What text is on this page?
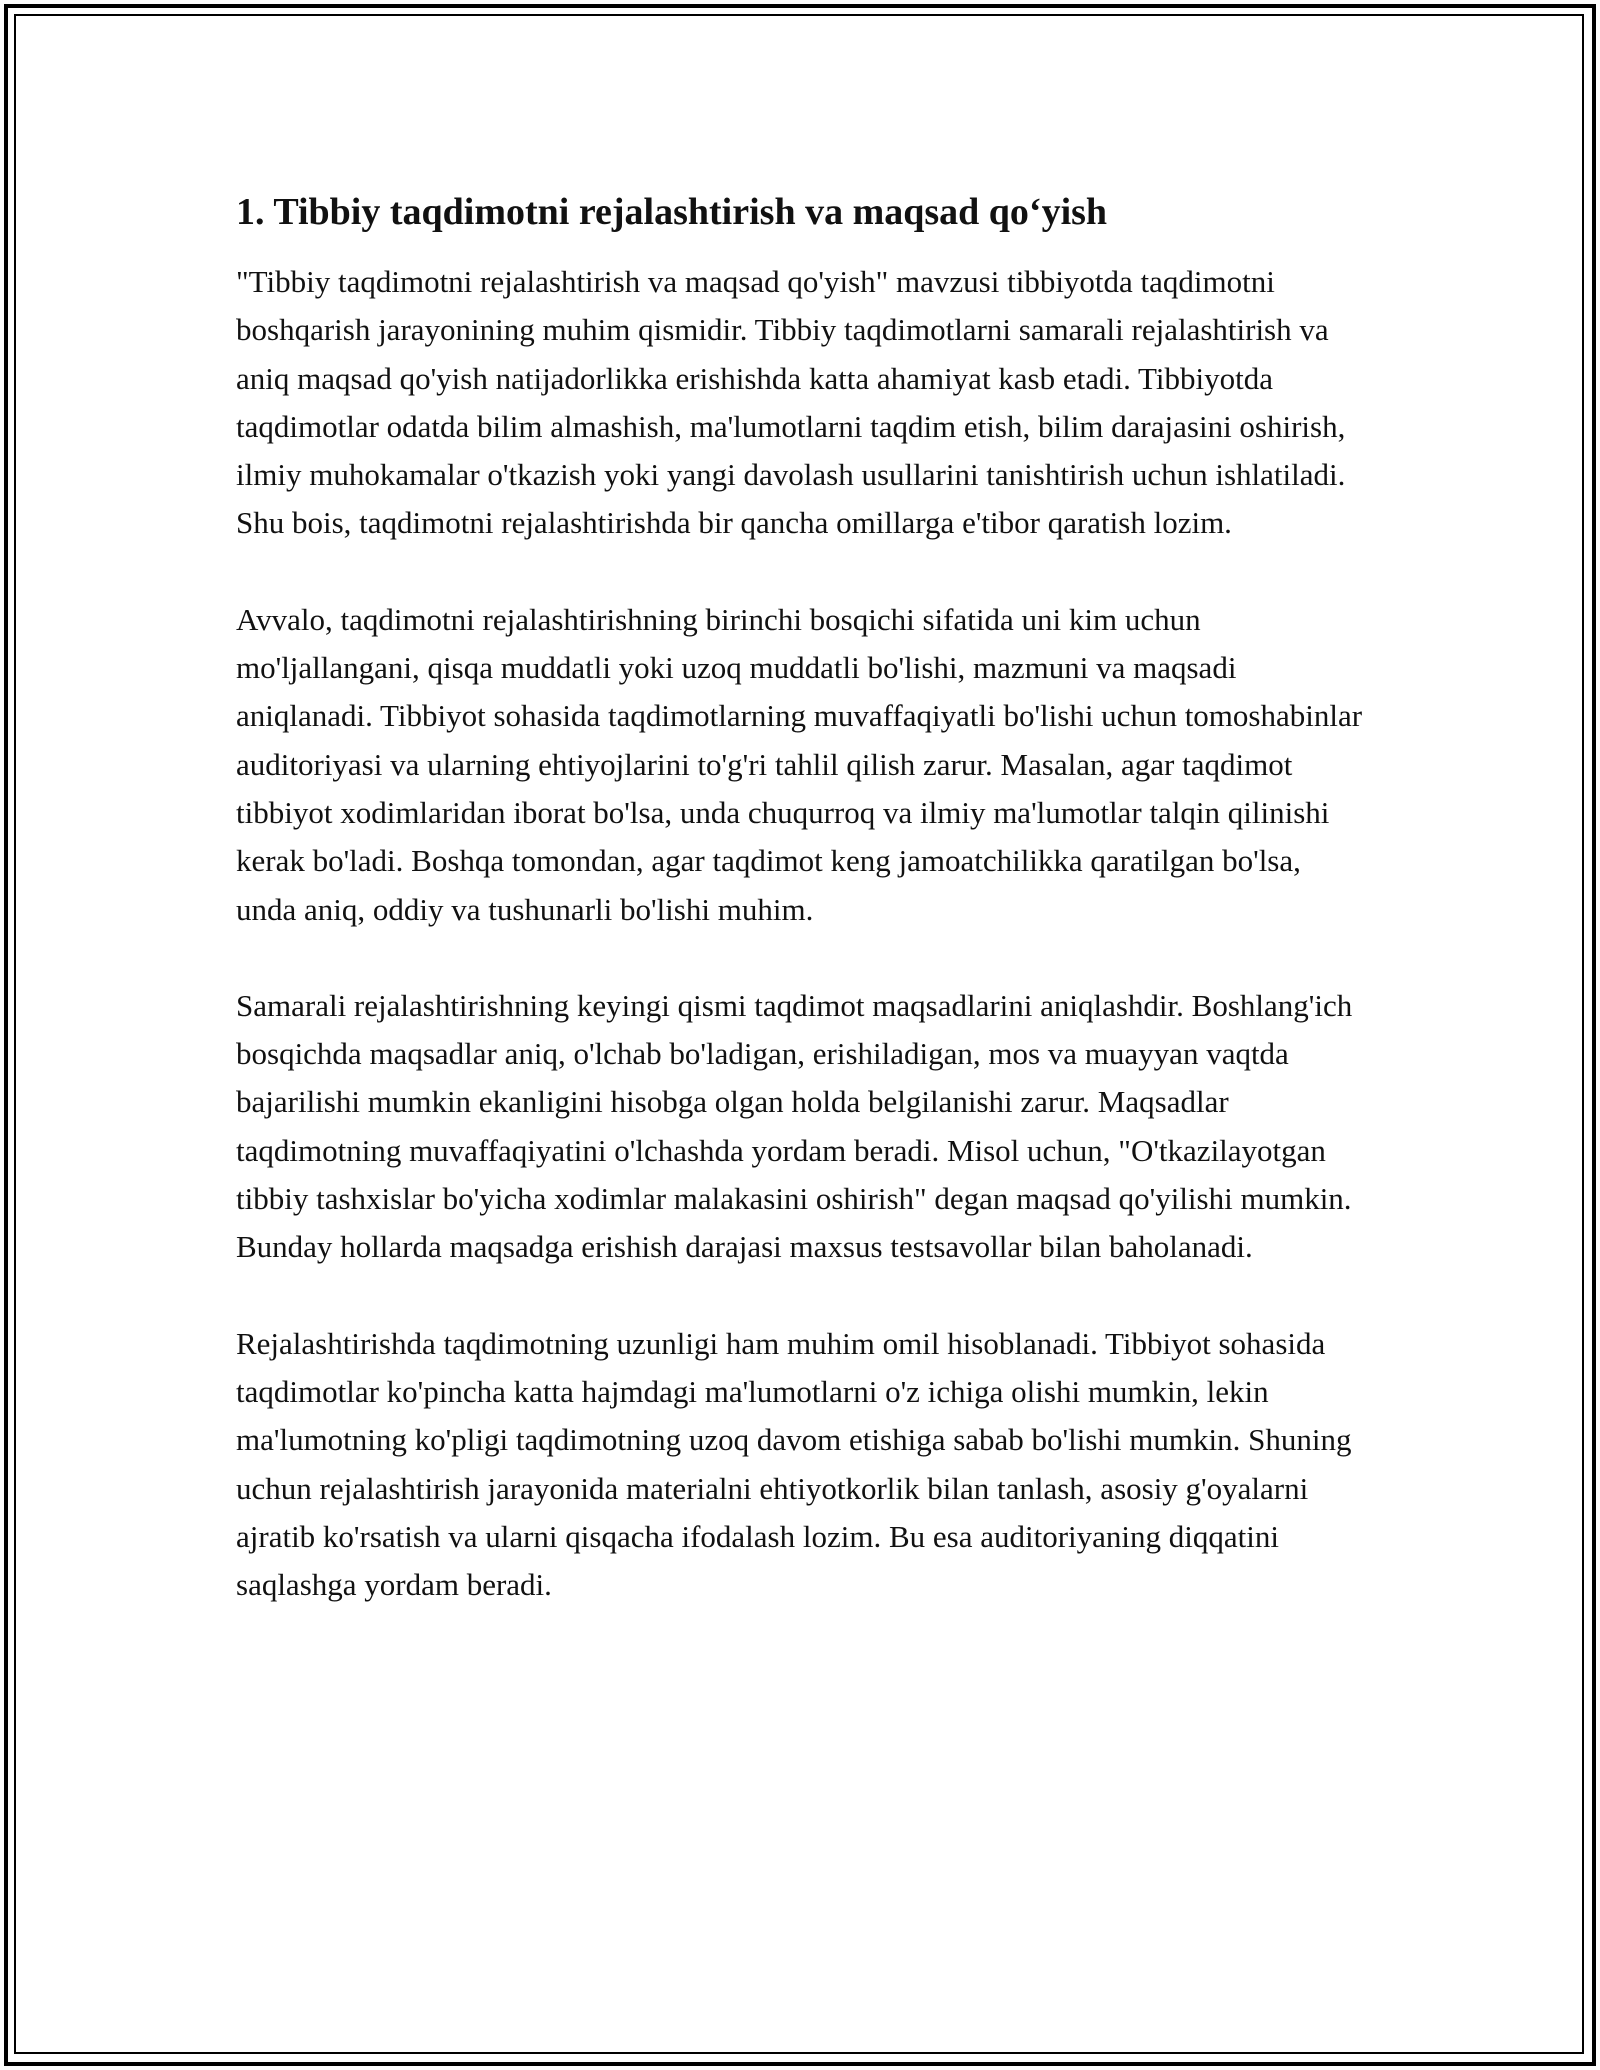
1. Tibbiy taqdimotni rejalashtirish va maqsad qo‘yish

"Tibbiy taqdimotni rejalashtirish va maqsad qo'yish" mavzusi tibbiyotda taqdimotni boshqarish jarayonining muhim qismidir. Tibbiy taqdimotlarni samarali rejalashtirish va aniq maqsad qo'yish natijadorlikka erishishda katta ahamiyat kasb etadi. Tibbiyotda taqdimotlar odatda bilim almashish, ma'lumotlarni taqdim etish, bilim darajasini oshirish, ilmiy muhokamalar o'tkazish yoki yangi davolash usullarini tanishtirish uchun ishlatiladi. Shu bois, taqdimotni rejalashtirishda bir qancha omillarga e'tibor qaratish lozim.

Avvalo, taqdimotni rejalashtirishning birinchi bosqichi sifatida uni kim uchun mo'ljallangani, qisqa muddatli yoki uzoq muddatli bo'lishi, mazmuni va maqsadi aniqlanadi. Tibbiyot sohasida taqdimotlarning muvaffaqiyatli bo'lishi uchun tomoshabinlar auditoriyasi va ularning ehtiyojlarini to'g'ri tahlil qilish zarur. Masalan, agar taqdimot tibbiyot xodimlaridan iborat bo'lsa, unda chuqurroq va ilmiy ma'lumotlar talqin qilinishi kerak bo'ladi. Boshqa tomondan, agar taqdimot keng jamoatchilikka qaratilgan bo'lsa, unda aniq, oddiy va tushunarli bo'lishi muhim.

Samarali rejalashtirishning keyingi qismi taqdimot maqsadlarini aniqlashdir. Boshlang'ich bosqichda maqsadlar aniq, o'lchab bo'ladigan, erishiladigan, mos va muayyan vaqtda bajarilishi mumkin ekanligini hisobga olgan holda belgilanishi zarur. Maqsadlar taqdimotning muvaffaqiyatini o'lchashda yordam beradi. Misol uchun, "O'tkazilayotgan tibbiy tashxislar bo'yicha xodimlar malakasini oshirish" degan maqsad qo'yilishi mumkin. Bunday hollarda maqsadga erishish darajasi maxsus testsavollar bilan baholanadi.

Rejalashtirishda taqdimotning uzunligi ham muhim omil hisoblanadi. Tibbiyot sohasida taqdimotlar ko'pincha katta hajmdagi ma'lumotlarni o'z ichiga olishi mumkin, lekin ma'lumotning ko'pligi taqdimotning uzoq davom etishiga sabab bo'lishi mumkin. Shuning uchun rejalashtirish jarayonida materialni ehtiyotkorlik bilan tanlash, asosiy g'oyalarni ajratib ko'rsatish va ularni qisqacha ifodalash lozim. Bu esa auditoriyaning diqqatini saqlashga yordam beradi.
